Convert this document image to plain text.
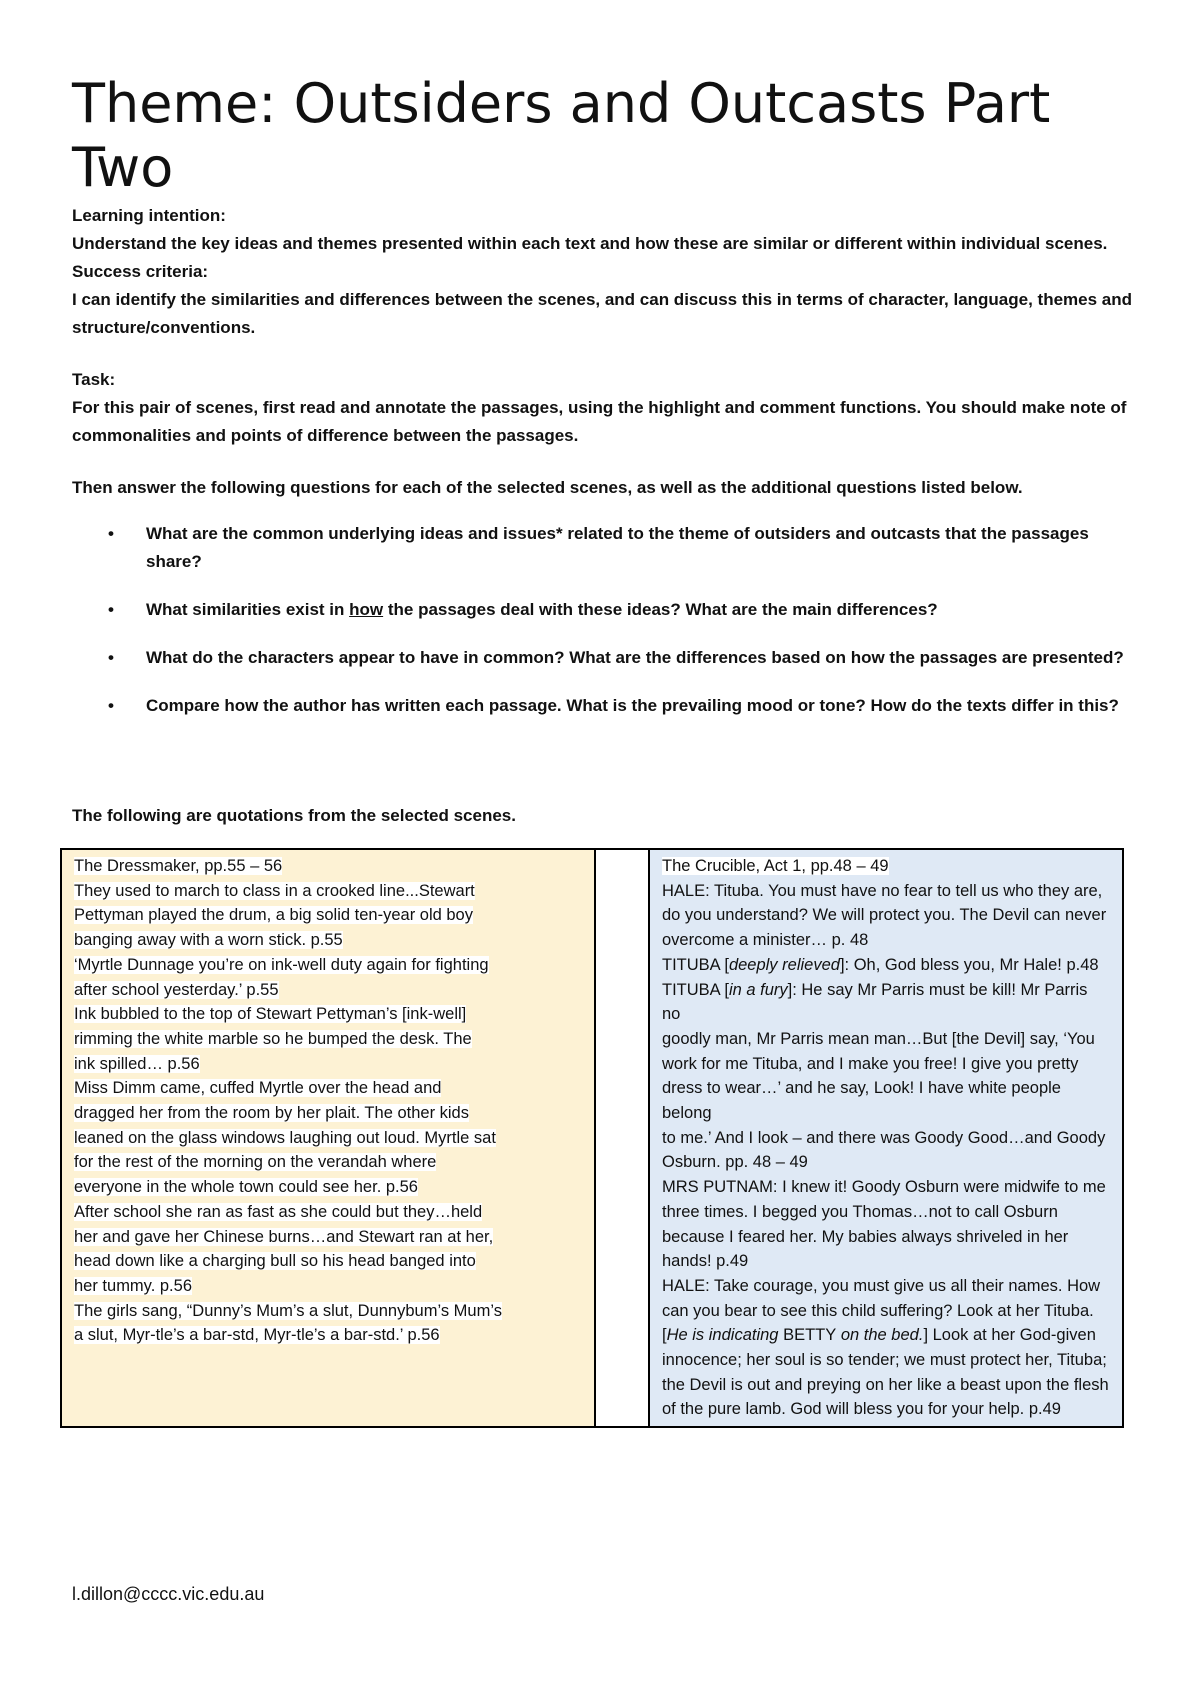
Theme: Outsiders and Outcasts Part Two
Learning intention:
Understand the key ideas and themes presented within each text and how these are similar or different within individual scenes.
Success criteria:
I can identify the similarities and differences between the scenes, and can discuss this in terms of character, language, themes and structure/conventions.
Task:
For this pair of scenes, first read and annotate the passages, using the highlight and comment functions. You should make note of commonalities and points of difference between the passages.
Then answer the following questions for each of the selected scenes, as well as the additional questions listed below.
• What are the common underlying ideas and issues* related to the theme of outsiders and outcasts that the passages share?
• What similarities exist in how the passages deal with these ideas? What are the main differences?
• What do the characters appear to have in common? What are the differences based on how the passages are presented?
• Compare how the author has written each passage. What is the prevailing mood or tone? How do the texts differ in this?
The following are quotations from the selected scenes.
The Dressmaker, pp.55 – 56
They used to march to class in a crooked line...Stewart
Pettyman played the drum, a big solid ten-year old boy
banging away with a worn stick. p.55
‘Myrtle Dunnage you’re on ink-well duty again for fighting
after school yesterday.’ p.55
Ink bubbled to the top of Stewart Pettyman’s [ink-well]
rimming the white marble so he bumped the desk. The
ink spilled… p.56
Miss Dimm came, cuffed Myrtle over the head and
dragged her from the room by her plait. The other kids
leaned on the glass windows laughing out loud. Myrtle sat
for the rest of the morning on the verandah where
everyone in the whole town could see her. p.56
After school she ran as fast as she could but they…held
her and gave her Chinese burns…and Stewart ran at her,
head down like a charging bull so his head banged into
her tummy. p.56
The girls sang, “Dunny’s Mum’s a slut, Dunnybum’s Mum’s
a slut, Myr-tle’s a bar-std, Myr-tle’s a bar-std.’ p.56

The Crucible, Act 1, pp.48 – 49
HALE: Tituba. You must have no fear to tell us who they are,
do you understand? We will protect you. The Devil can never
overcome a minister… p. 48
TITUBA [deeply relieved]: Oh, God bless you, Mr Hale! p.48
TITUBA [in a fury]: He say Mr Parris must be kill! Mr Parris no
goodly man, Mr Parris mean man…But [the Devil] say, ‘You
work for me Tituba, and I make you free! I give you pretty
dress to wear…’ and he say, Look! I have white people belong
to me.’ And I look – and there was Goody Good…and Goody
Osburn. pp. 48 – 49
MRS PUTNAM: I knew it! Goody Osburn were midwife to me
three times. I begged you Thomas…not to call Osburn
because I feared her. My babies always shriveled in her
hands! p.49
HALE: Take courage, you must give us all their names. How
can you bear to see this child suffering? Look at her Tituba.
[He is indicating BETTY on the bed.] Look at her God-given
innocence; her soul is so tender; we must protect her, Tituba;
the Devil is out and preying on her like a beast upon the flesh
of the pure lamb. God will bless you for your help. p.49
l.dillon@cccc.vic.edu.au
